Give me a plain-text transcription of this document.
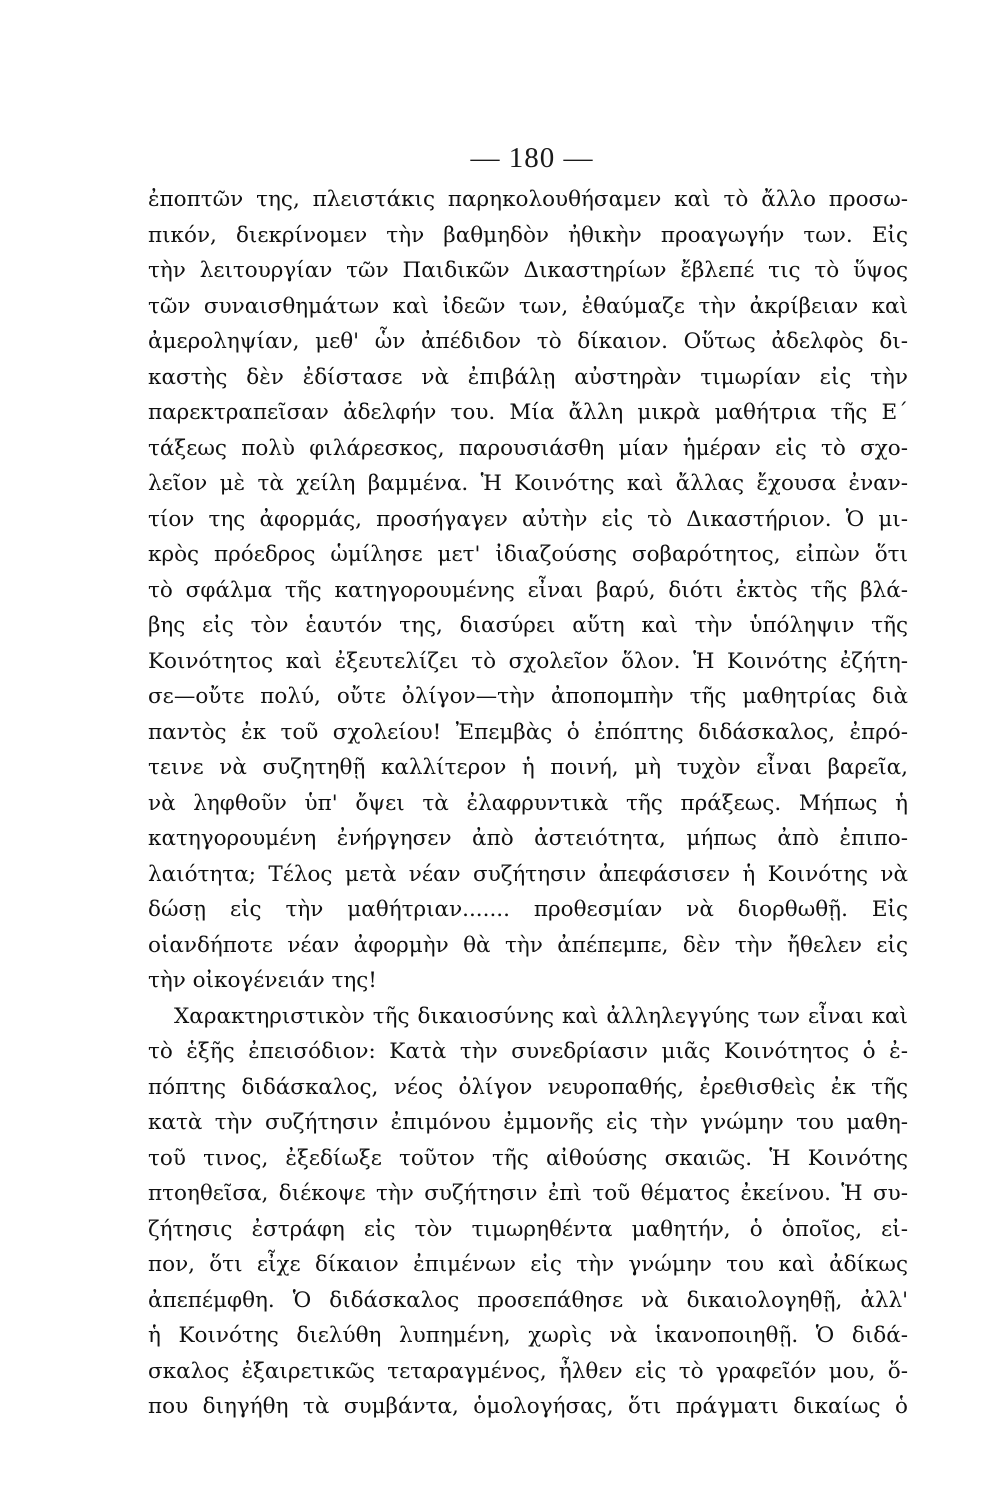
— 180 —
ἐποπτῶν της, πλειστάκις παρηκολουθήσαμεν καὶ τὸ ἄλλο προσω-
πικόν, διεκρίνομεν τὴν βαθμηδὸν ἠθικὴν προαγωγήν των. Εἰς
τὴν λειτουργίαν τῶν Παιδικῶν Δικαστηρίων ἔβλεπέ τις τὸ ὕψος
τῶν συναισθημάτων καὶ ἰδεῶν των, ἐθαύμαζε τὴν ἀκρίβειαν καὶ
ἀμεροληψίαν, μεθ' ὧν ἀπέδιδον τὸ δίκαιον. Οὕτως ἀδελφὸς δι-
καστὴς δὲν ἐδίστασε νὰ ἐπιβάλῃ αὐστηρὰν τιμωρίαν εἰς τὴν
παρεκτραπεῖσαν ἀδελφήν του. Μία ἄλλη μικρὰ μαθήτρια τῆς Ε΄
τάξεως πολὺ φιλάρεσκος, παρουσιάσθη μίαν ἡμέραν εἰς τὸ σχο-
λεῖον μὲ τὰ χείλη βαμμένα. Ἡ Κοινότης καὶ ἄλλας ἔχουσα ἐναν-
τίον της ἀφορμάς, προσήγαγεν αὐτὴν εἰς τὸ Δικαστήριον. Ὁ μι-
κρὸς πρόεδρος ὡμίλησε μετ' ἰδιαζούσης σοβαρότητος, εἰπὼν ὅτι
τὸ σφάλμα τῆς κατηγορουμένης εἶναι βαρύ, διότι ἐκτὸς τῆς βλά-
βης εἰς τὸν ἑαυτόν της, διασύρει αὕτη καὶ τὴν ὑπόληψιν τῆς
Κοινότητος καὶ ἐξευτελίζει τὸ σχολεῖον ὅλον. Ἡ Κοινότης ἐζήτη-
σε—οὔτε πολύ, οὔτε ὀλίγον—τὴν ἀποπομπὴν τῆς μαθητρίας διὰ
παντὸς ἐκ τοῦ σχολείου! Ἐπεμβὰς ὁ ἐπόπτης διδάσκαλος, ἐπρό-
τεινε νὰ συζητηθῇ καλλίτερον ἡ ποινή, μὴ τυχὸν εἶναι βαρεῖα,
νὰ ληφθοῦν ὑπ' ὄψει τὰ ἐλαφρυντικὰ τῆς πράξεως. Μήπως ἡ
κατηγορουμένη ἐνήργησεν ἀπὸ ἀστειότητα, μήπως ἀπὸ ἐπιπο-
λαιότητα; Τέλος μετὰ νέαν συζήτησιν ἀπεφάσισεν ἡ Κοινότης νὰ
δώσῃ εἰς τὴν μαθήτριαν....... προθεσμίαν νὰ διορθωθῇ. Εἰς
οἱανδήποτε νέαν ἀφορμὴν θὰ τὴν ἀπέπεμπε, δὲν τὴν ἤθελεν εἰς
τὴν οἰκογένειάν της!
Χαρακτηριστικὸν τῆς δικαιοσύνης καὶ ἀλληλεγγύης των εἶναι καὶ
τὸ ἑξῆς ἐπεισόδιον: Κατὰ τὴν συνεδρίασιν μιᾶς Κοινότητος ὁ ἐ-
πόπτης διδάσκαλος, νέος ὀλίγον νευροπαθής, ἐρεθισθεὶς ἐκ τῆς
κατὰ τὴν συζήτησιν ἐπιμόνου ἐμμονῆς εἰς τὴν γνώμην του μαθη-
τοῦ τινος, ἐξεδίωξε τοῦτον τῆς αἰθούσης σκαιῶς. Ἡ Κοινότης
πτοηθεῖσα, διέκοψε τὴν συζήτησιν ἐπὶ τοῦ θέματος ἐκείνου. Ἡ συ-
ζήτησις ἐστράφη εἰς τὸν τιμωρηθέντα μαθητήν, ὁ ὁποῖος, εἰ-
πον, ὅτι εἶχε δίκαιον ἐπιμένων εἰς τὴν γνώμην του καὶ ἀδίκως
ἀπεπέμφθη. Ὁ διδάσκαλος προσεπάθησε νὰ δικαιολογηθῇ, ἀλλ'
ἡ Κοινότης διελύθη λυπημένη, χωρὶς νὰ ἱκανοποιηθῇ. Ὁ διδά-
σκαλος ἐξαιρετικῶς τεταραγμένος, ἦλθεν εἰς τὸ γραφεῖόν μου, ὅ-
που διηγήθη τὰ συμβάντα, ὁμολογήσας, ὅτι πράγματι δικαίως ὁ
